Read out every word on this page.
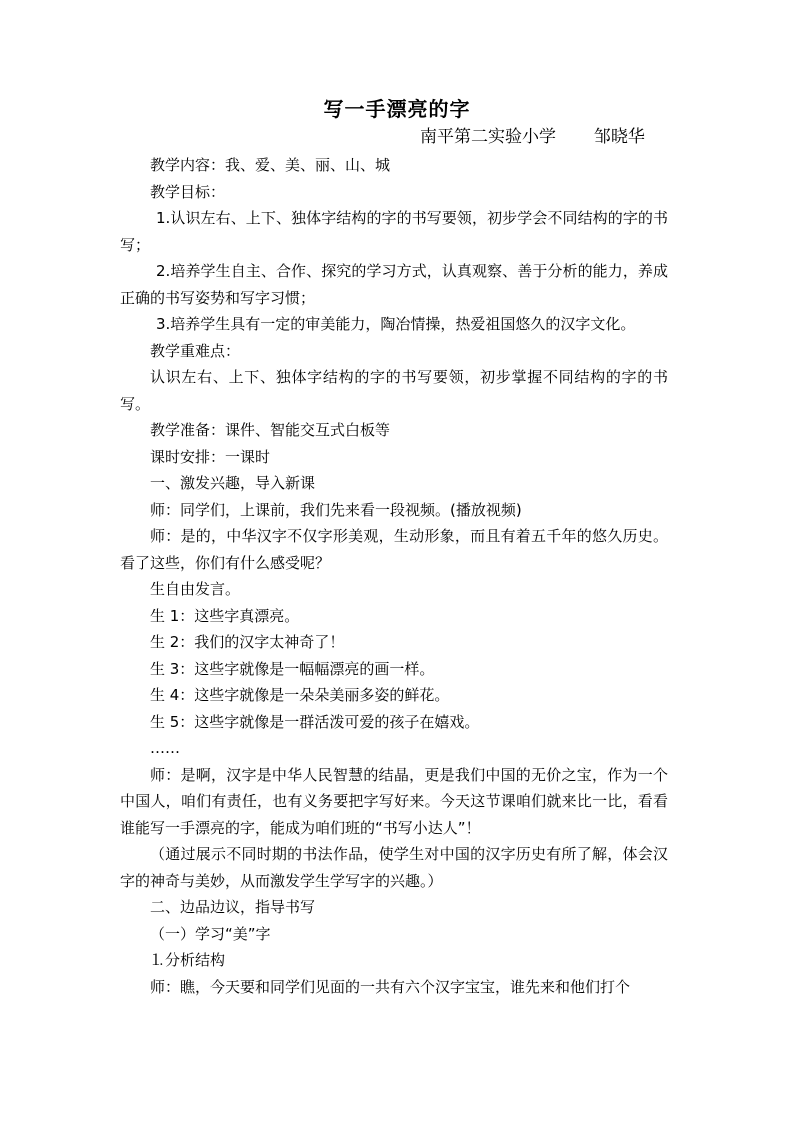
写一手漂亮的字
南平第二实验小学 邹晓华

教学内容：我、爱、美、丽、山、城

教学目标：

1.认识左右、上下、独体字结构的字的书写要领，初步学会不同结构的字的书写；

2.培养学生自主、合作、探究的学习方式，认真观察、善于分析的能力，养成正确的书写姿势和写字习惯；

3.培养学生具有一定的审美能力，陶冶情操，热爱祖国悠久的汉字文化。

教学重难点：

认识左右、上下、独体字结构的字的书写要领，初步掌握不同结构的字的书写。

教学准备：课件、智能交互式白板等

课时安排：一课时

一、激发兴趣，导入新课

师：同学们，上课前，我们先来看一段视频。(播放视频)

师：是的，中华汉字不仅字形美观，生动形象，而且有着五千年的悠久历史。看了这些，你们有什么感受呢？

生自由发言。

生 1：这些字真漂亮。

生 2：我们的汉字太神奇了！

生 3：这些字就像是一幅幅漂亮的画一样。

生 4：这些字就像是一朵朵美丽多姿的鲜花。

生 5：这些字就像是一群活泼可爱的孩子在嬉戏。

……

师：是啊，汉字是中华人民智慧的结晶，更是我们中国的无价之宝，作为一个中国人，咱们有责任，也有义务要把字写好来。今天这节课咱们就来比一比，看看谁能写一手漂亮的字，能成为咱们班的“书写小达人”！

（通过展示不同时期的书法作品，使学生对中国的汉字历史有所了解，体会汉字的神奇与美妙，从而激发学生学写字的兴趣。）

二、边品边议，指导书写

（一）学习“美”字

⒈分析结构

师：瞧，今天要和同学们见面的一共有六个汉字宝宝，谁先来和他们打个
